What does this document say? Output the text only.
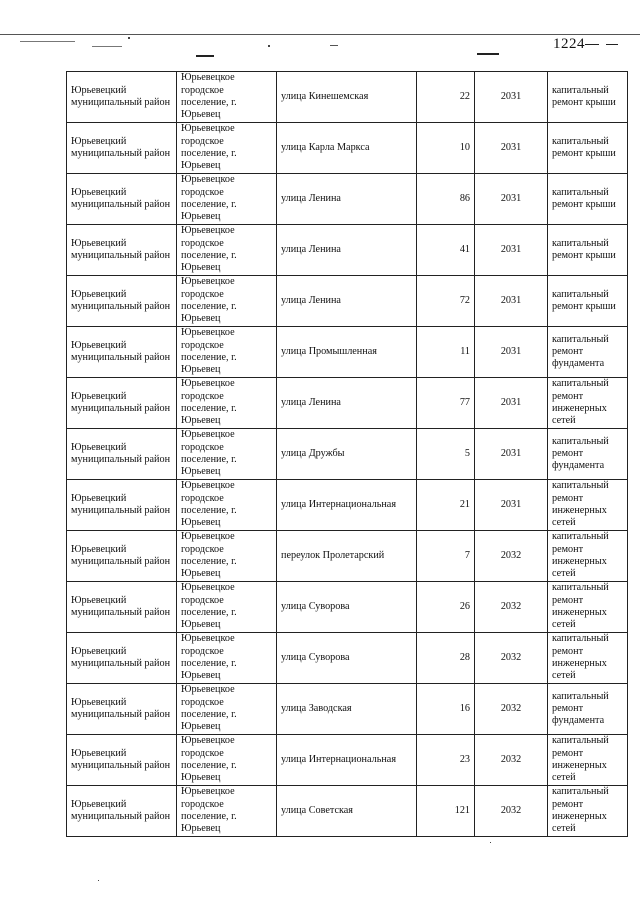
1224
Юрьевецкий муниципальный район	Юрьевецкое городское поселение, г. Юрьевец	улица Кинешемская	22	2031	капитальный ремонт крыши
Юрьевецкий муниципальный район	Юрьевецкое городское поселение, г. Юрьевец	улица Карла Маркса	10	2031	капитальный ремонт крыши
Юрьевецкий муниципальный район	Юрьевецкое городское поселение, г. Юрьевец	улица Ленина	86	2031	капитальный ремонт крыши
Юрьевецкий муниципальный район	Юрьевецкое городское поселение, г. Юрьевец	улица Ленина	41	2031	капитальный ремонт крыши
Юрьевецкий муниципальный район	Юрьевецкое городское поселение, г. Юрьевец	улица Ленина	72	2031	капитальный ремонт крыши
Юрьевецкий муниципальный район	Юрьевецкое городское поселение, г. Юрьевец	улица Промышленная	11	2031	капитальный ремонт фундамента
Юрьевецкий муниципальный район	Юрьевецкое городское поселение, г. Юрьевец	улица Ленина	77	2031	капитальный ремонт инженерных сетей
Юрьевецкий муниципальный район	Юрьевецкое городское поселение, г. Юрьевец	улица Дружбы	5	2031	капитальный ремонт фундамента
Юрьевецкий муниципальный район	Юрьевецкое городское поселение, г. Юрьевец	улица Интернациональная	21	2031	капитальный ремонт инженерных сетей
Юрьевецкий муниципальный район	Юрьевецкое городское поселение, г. Юрьевец	переулок Пролетарский	7	2032	капитальный ремонт инженерных сетей
Юрьевецкий муниципальный район	Юрьевецкое городское поселение, г. Юрьевец	улица Суворова	26	2032	капитальный ремонт инженерных сетей
Юрьевецкий муниципальный район	Юрьевецкое городское поселение, г. Юрьевец	улица Суворова	28	2032	капитальный ремонт инженерных сетей
Юрьевецкий муниципальный район	Юрьевецкое городское поселение, г. Юрьевец	улица Заводская	16	2032	капитальный ремонт фундамента
Юрьевецкий муниципальный район	Юрьевецкое городское поселение, г. Юрьевец	улица Интернациональная	23	2032	капитальный ремонт инженерных сетей
Юрьевецкий муниципальный район	Юрьевецкое городское поселение, г. Юрьевец	улица Советская	121	2032	капитальный ремонт инженерных сетей
